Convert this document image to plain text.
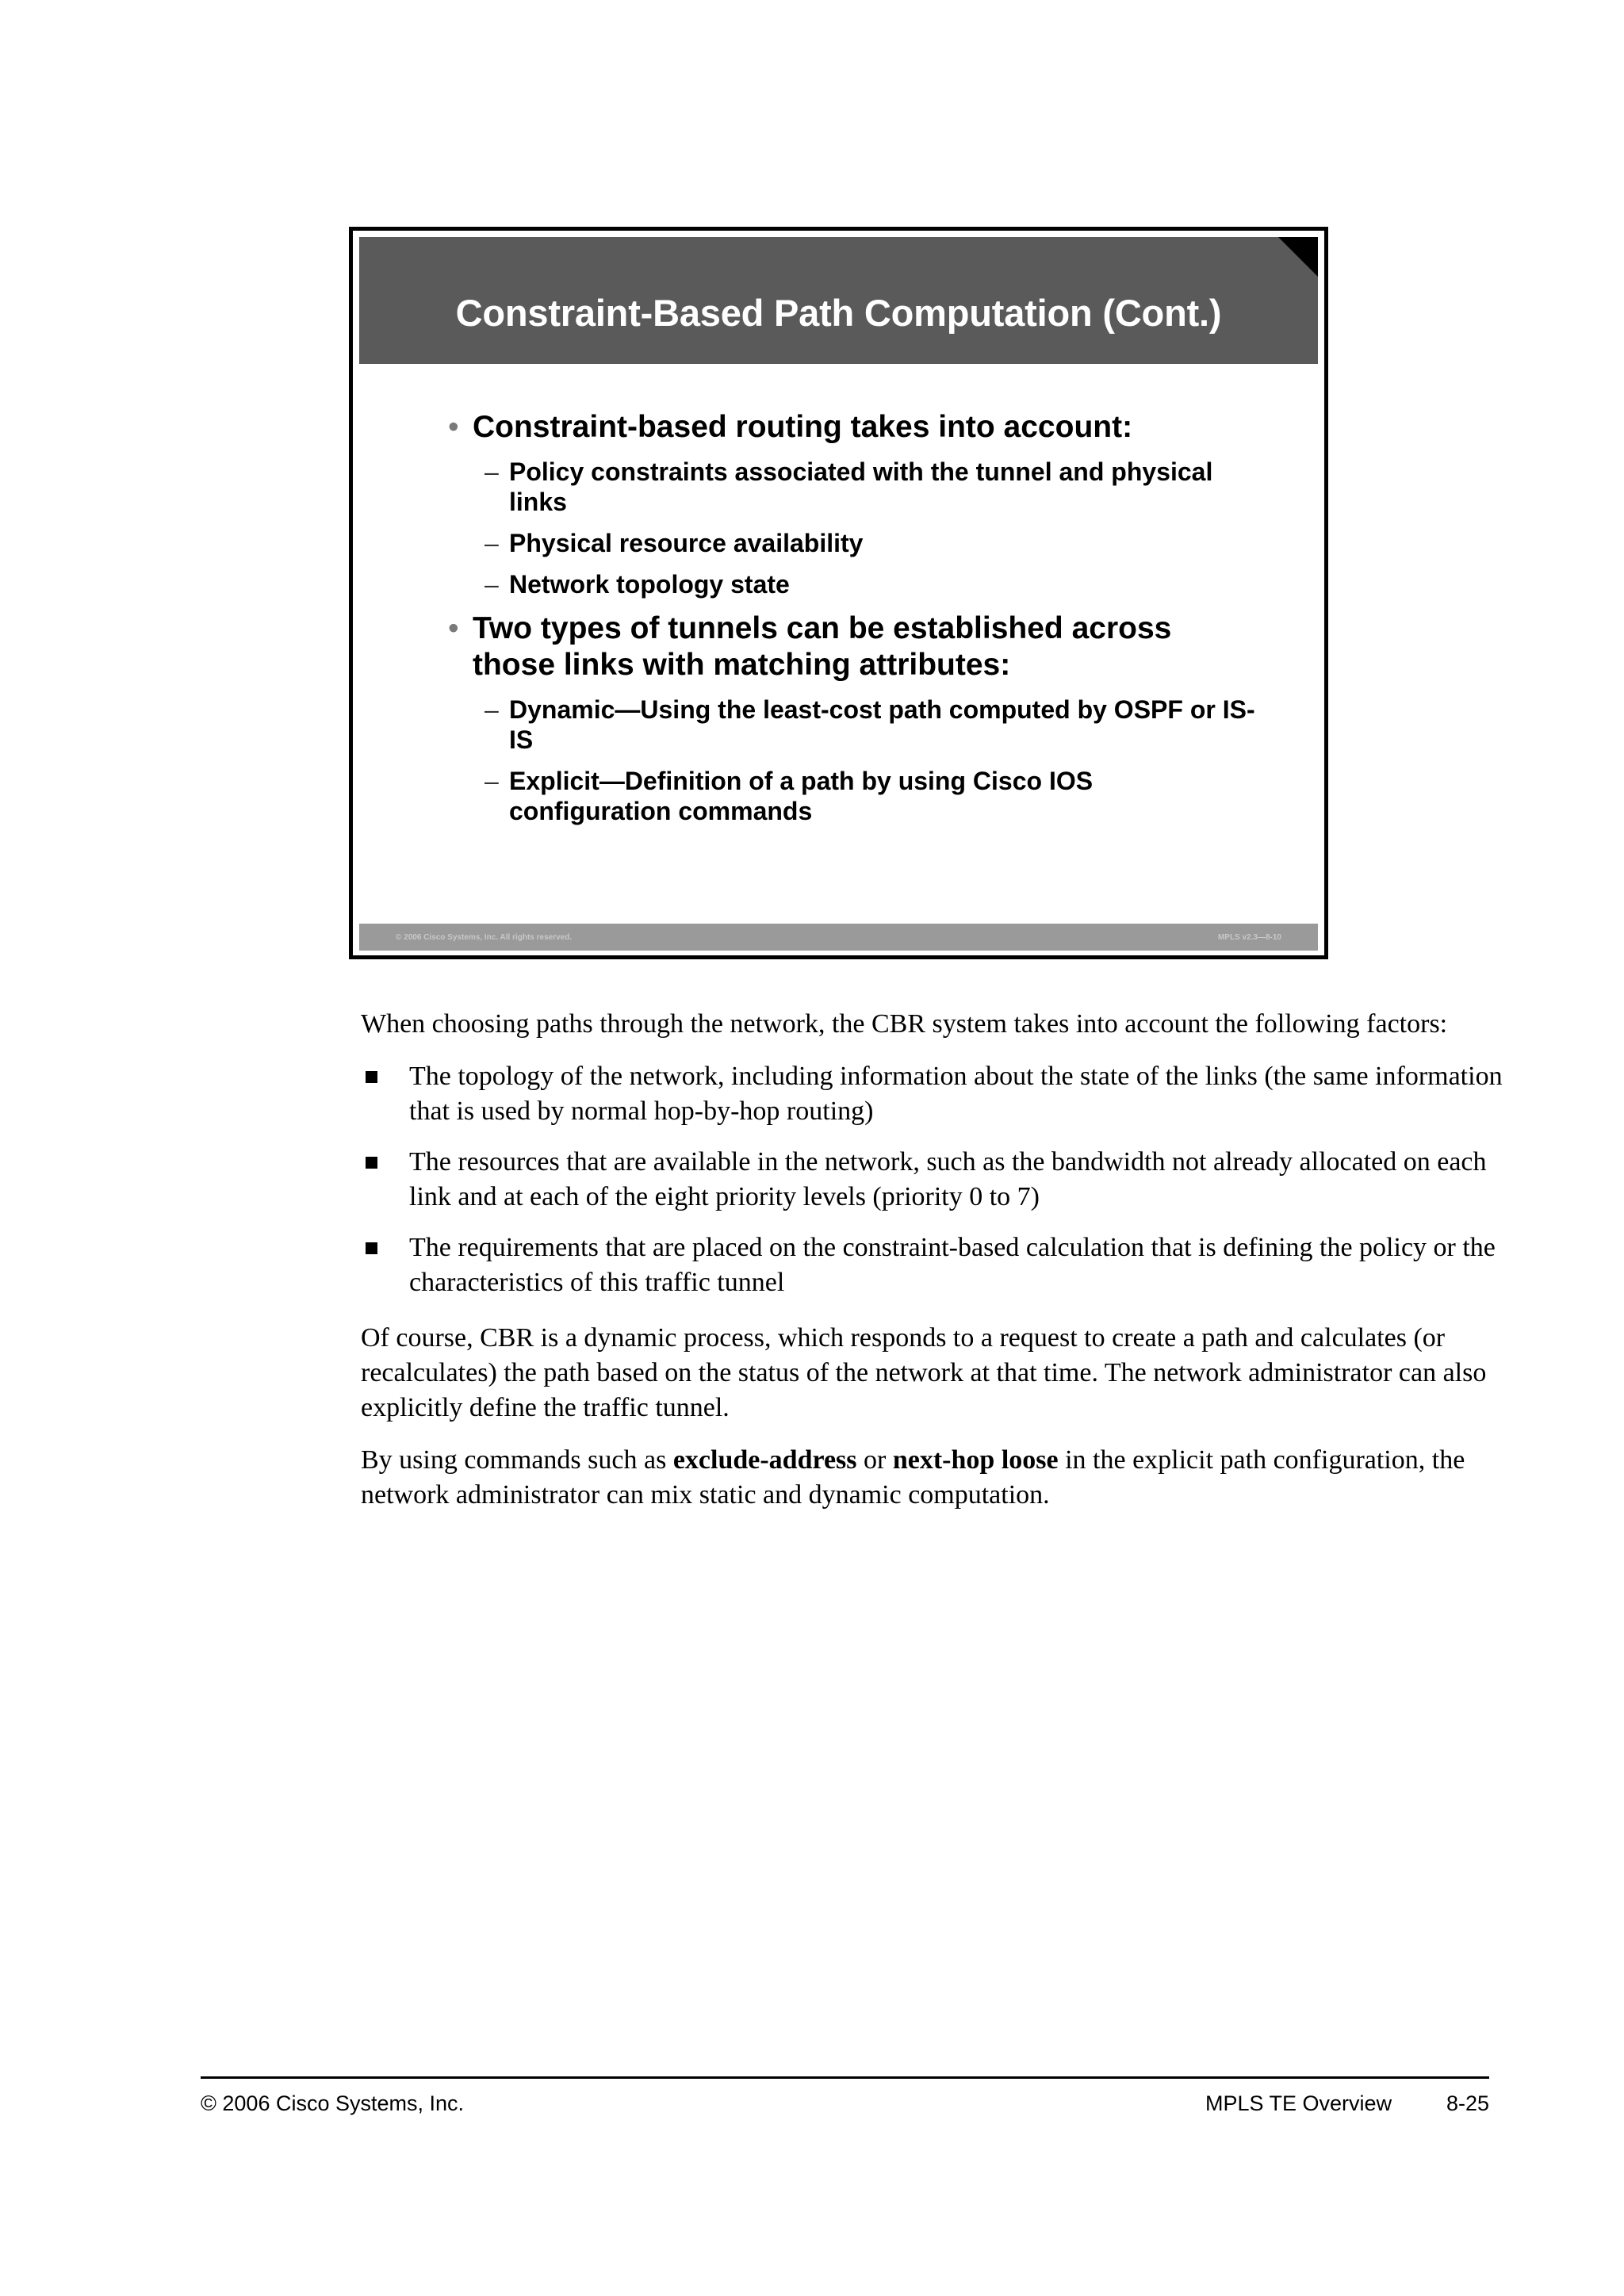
Constraint-Based Path Computation (Cont.)
• Constraint-based routing takes into account:
– Policy constraints associated with the tunnel and physical links
– Physical resource availability
– Network topology state
• Two types of tunnels can be established across those links with matching attributes:
– Dynamic—Using the least-cost path computed by OSPF or IS-IS
– Explicit—Definition of a path by using Cisco IOS configuration commands
© 2006 Cisco Systems, Inc. All rights reserved.	MPLS v2.3—8-10

When choosing paths through the network, the CBR system takes into account the following factors:

The topology of the network, including information about the state of the links (the same information that is used by normal hop-by-hop routing)
The resources that are available in the network, such as the bandwidth not already allocated on each link and at each of the eight priority levels (priority 0 to 7)
The requirements that are placed on the constraint-based calculation that is defining the policy or the characteristics of this traffic tunnel

Of course, CBR is a dynamic process, which responds to a request to create a path and calculates (or recalculates) the path based on the status of the network at that time. The network administrator can also explicitly define the traffic tunnel.

By using commands such as exclude-address or next-hop loose in the explicit path configuration, the network administrator can mix static and dynamic computation.

© 2006 Cisco Systems, Inc.	MPLS TE Overview	8-25
